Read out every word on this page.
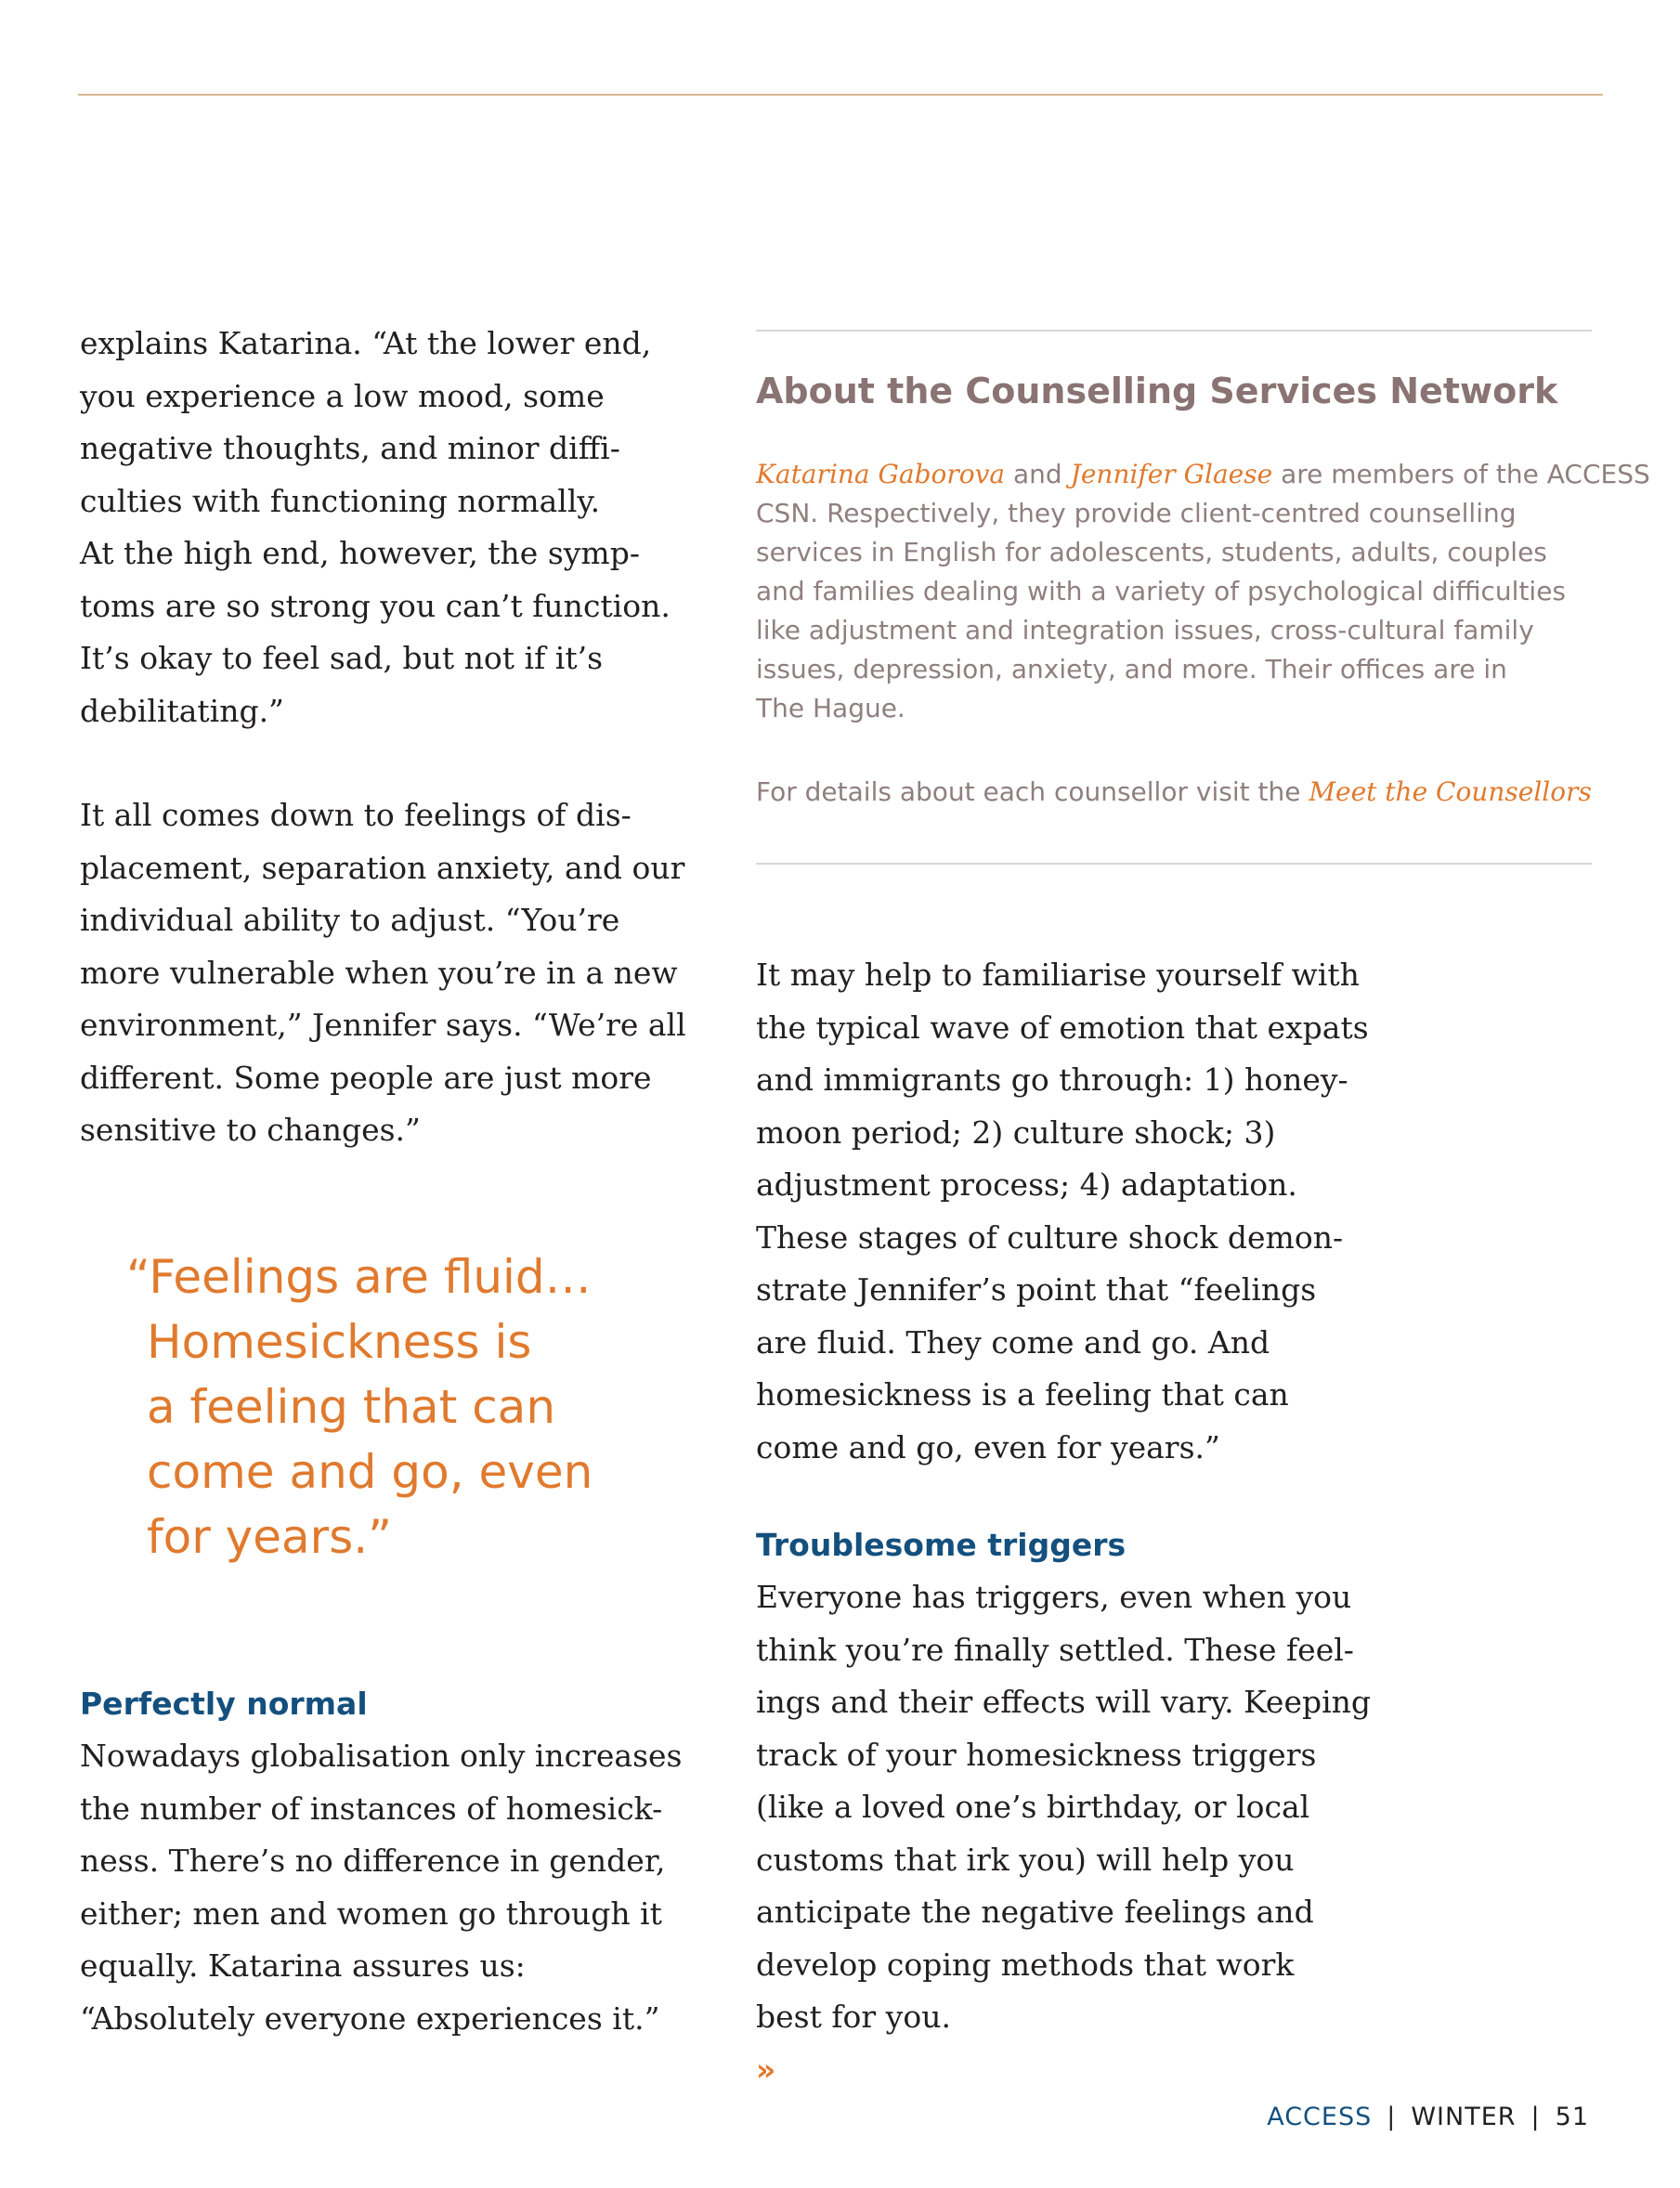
explains Katarina. “At the lower end,
you experience a low mood, some
negative thoughts, and minor diffi-
culties with functioning normally.
At the high end, however, the symp-
toms are so strong you can’t function.
It’s okay to feel sad, but not if it’s
debilitating.”

It all comes down to feelings of dis-
placement, separation anxiety, and our
individual ability to adjust. “You’re
more vulnerable when you’re in a new
environment,” Jennifer says. “We’re all
different. Some people are just more
sensitive to changes.”

“Feelings are fluid…
Homesickness is
a feeling that can
come and go, even
for years.”
Perfectly normal

Nowadays globalisation only increases
the number of instances of homesick-
ness. There’s no difference in gender,
either; men and women go through it
equally. Katarina assures us:
“Absolutely everyone experiences it.”

About the Counselling Services Network
Katarina Gaborova and Jennifer Glaese are members of the ACCESS
CSN. Respectively, they provide client-centred counselling
services in English for adolescents, students, adults, couples
and families dealing with a variety of psychological difficulties
like adjustment and integration issues, cross-cultural family
issues, depression, anxiety, and more. Their offices are in
The Hague.
For details about each counsellor visit the Meet the Counsellors

It may help to familiarise yourself with
the typical wave of emotion that expats
and immigrants go through: 1) honey-
moon period; 2) culture shock; 3)
adjustment process; 4) adaptation.
These stages of culture shock demon-
strate Jennifer’s point that “feelings
are fluid. They come and go. And
homesickness is a feeling that can
come and go, even for years.”

Troublesome triggers

Everyone has triggers, even when you
think you’re finally settled. These feel-
ings and their effects will vary. Keeping
track of your homesickness triggers
(like a loved one’s birthday, or local
customs that irk you) will help you
anticipate the negative feelings and
develop coping methods that work
best for you.
»

ACCESS | WINTER | 51
